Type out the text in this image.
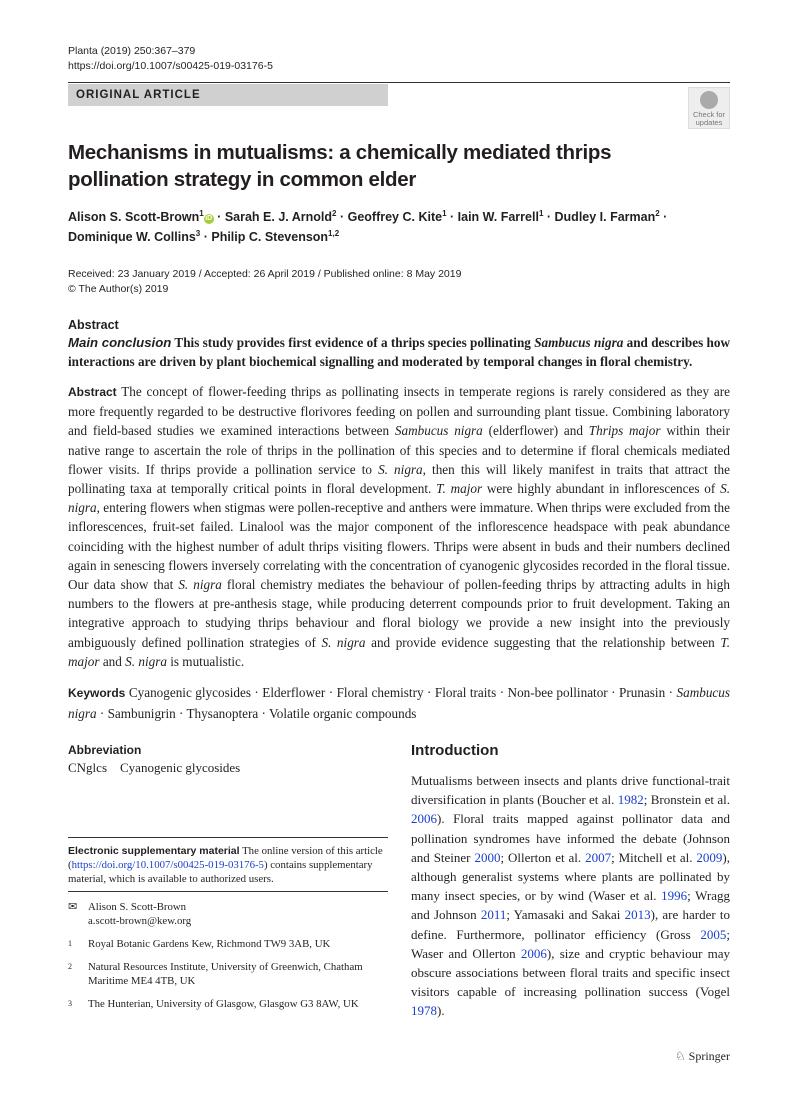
Planta (2019) 250:367–379
https://doi.org/10.1007/s00425-019-03176-5
ORIGINAL ARTICLE
Check for
updates
Mechanisms in mutualisms: a chemically mediated thrips pollination strategy in common elder
Alison S. Scott-Brown$^1$iD · Sarah E. J. Arnold$^2$ · Geoffrey C. Kite$^1$ · Iain W. Farrell$^1$ · Dudley I. Farman$^2$ · Dominique W. Collins$^3$ · Philip C. Stevenson$^{1,2}$
Received: 23 January 2019 / Accepted: 26 April 2019 / Published online: 8 May 2019
© The Author(s) 2019
Abstract
Main conclusion This study provides first evidence of a thrips species pollinating Sambucus nigra and describes how interactions are driven by plant biochemical signalling and moderated by temporal changes in floral chemistry.
Abstract The concept of flower-feeding thrips as pollinating insects in temperate regions is rarely considered as they are more frequently regarded to be destructive florivores feeding on pollen and surrounding plant tissue. Combining laboratory and field-based studies we examined interactions between Sambucus nigra (elderflower) and Thrips major within their native range to ascertain the role of thrips in the pollination of this species and to determine if floral chemicals mediated flower visits. If thrips provide a pollination service to S. nigra, then this will likely manifest in traits that attract the pollinating taxa at temporally critical points in floral development. T. major were highly abundant in inflorescences of S. nigra, entering flowers when stigmas were pollen-receptive and anthers were immature. When thrips were excluded from the inflorescences, fruit-set failed. Linalool was the major component of the inflorescence headspace with peak abundance coinciding with the highest number of adult thrips visiting flowers. Thrips were absent in buds and their numbers declined again in senescing flowers inversely correlating with the concentration of cyanogenic glycosides recorded in the floral tissue. Our data show that S. nigra floral chemistry mediates the behaviour of pollen-feeding thrips by attracting adults in high numbers to the flowers at pre-anthesis stage, while producing deterrent compounds prior to fruit development. Taking an integrative approach to studying thrips behaviour and floral biology we provide a new insight into the previously ambiguously defined pollination strategies of S. nigra and provide evidence suggesting that the relationship between T. major and S. nigra is mutualistic.
Keywords Cyanogenic glycosides · Elderflower · Floral chemistry · Floral traits · Non-bee pollinator · Prunasin · Sambucus nigra · Sambunigrin · Thysanoptera · Volatile organic compounds
Abbreviation
CNglcs Cyanogenic glycosides
Electronic supplementary material The online version of this article (https://doi.org/10.1007/s00425-019-03176-5) contains supplementary material, which is available to authorized users.
✉	Alison S. Scott-Brown
a.scott-brown@kew.org
1	Royal Botanic Gardens Kew, Richmond TW9 3AB, UK
2	Natural Resources Institute, University of Greenwich, Chatham Maritime ME4 4TB, UK
3	The Hunterian, University of Glasgow, Glasgow G3 8AW, UK
Introduction
Mutualisms between insects and plants drive functional-trait diversification in plants (Boucher et al. 1982; Bronstein et al. 2006). Floral traits mapped against pollinator data and pollination syndromes have informed the debate (Johnson and Steiner 2000; Ollerton et al. 2007; Mitchell et al. 2009), although generalist systems where plants are pollinated by many insect species, or by wind (Waser et al. 1996; Wragg and Johnson 2011; Yamasaki and Sakai 2013), are harder to define. Furthermore, pollinator efficiency (Gross 2005; Waser and Ollerton 2006), size and cryptic behaviour may obscure associations between floral traits and specific insect visitors capable of increasing pollination success (Vogel 1978).
♘ Springer
